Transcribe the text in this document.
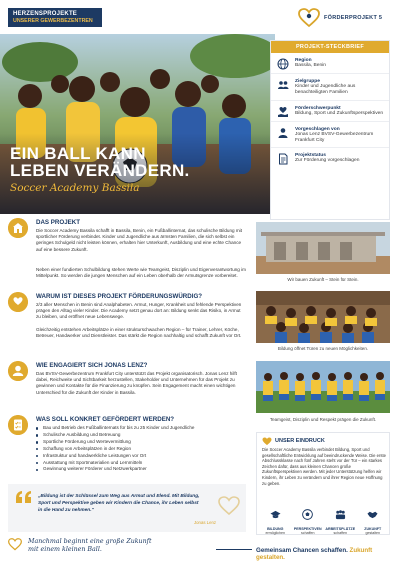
HERZENSPROJEKTE
UNSERER GEWERBEZENTREN	FÖRDERPROJEKT 5
EIN BALL KANN
LEBEN VERÄNDERN.
Soccer Academy Bassila
PROJEKT-STECKBRIEF
Region
Bassila, Benin
Zielgruppe
Kinder und Jugendliche aus benachteiligten Familien
Förderschwerpunkt
Bildung, Sport und Zukunftsperspektiven
Vorgeschlagen von
Jonas Lenz BVSV-Gewerbezentrum Frankfurt City
Projektstatus
Zur Förderung vorgeschlagen
DAS PROJEKT
Die Soccer Academy Bassila schafft in Bassila, Benin, ein Fußballinternat, das schulische Bildung mit sportlicher Förderung verbindet. Kinder und Jugendliche aus ärmsten Familien, die sich selbst ein geringes Schulgeld nicht leisten können, erhalten hier Unterkunft, Ausbildung und eine echte Chance auf eine bessere Zukunft.
Neben einer fundierten Schulbildung stehen Werte wie Teamgeist, Disziplin und Eigenverantwortung im Mittelpunkt. So werden die jungen Menschen auf ein Leben oberhalb der Armutsgrenze vorbereitet.
Wir bauen Zukunft – Stein für Stein.
WARUM IST DIESES PROJEKT FÖRDERUNGSWÜRDIG?
2/3 aller Menschen in Benin sind Analphabeten. Armut, Hunger, Krankheit und fehlende Perspektiven prägen den Alltag vieler Kinder. Die Academy setzt genau dort an: Bildung senkt das Risiko, in Armut zu bleiben, und eröffnet neue Lebenswege.
Gleichzeitig entstehen Arbeitsplätze in einer strukturschwachen Region – für Trainer, Lehrer, Köche, Betreuer, Handwerker und Dienstleister. Das stärkt die Region nachhaltig und schafft Zukunft vor Ort.
Bildung öffnet Türen zu neuen Möglichkeiten.
WIE ENGAGIERT SICH JONAS LENZ?
Das BVSV-Gewerbezentrum Frankfurt City unterstützt das Projekt organisatorisch. Jonas Lenz hilft dabei, Reichweite und Sichtbarkeit herzustellen, Stakeholder und Unternehmen für das Projekt zu gewinnen und Kontakte für die Finanzierung zu knüpfen. Sein Engagement macht einen wichtigen Unterschied für die Zukunft der Kinder in Bassila.
Teamgeist, Disziplin und Respekt prägen die Zukunft.
WAS SOLL KONKRET GEFÖRDERT WERDEN?
Bau und Betrieb des Fußballinternats für bis zu 25 Kinder und Jugendliche
Schulische Ausbildung und Betreuung
Sportliche Förderung und Wertevermittlung
Schaffung von Arbeitsplätzen in der Region
Infrastruktur und handwerkliche Leistungen vor Ort
Ausstattung mit Sportmaterialien und Lernmitteln
Gewinnung weiterer Förderer und Netzwerkpartner
„Bildung ist der Schlüssel zum Weg aus Armut und Elend. Mit Bildung, Sport und Perspektive geben wir Kindern die Chance, ihr Leben selbst in die Hand zu nehmen."
Jonas Lenz
UNSER EINDRUCK
Die Soccer Academy Bassila verbindet Bildung, Sport und gesellschaftliche Entwicklung auf beeindruckende Weise. Die erste Abschlussklasse nach fünf Jahren steht vor der Tür – ein starkes Zeichen dafür, dass aus kleinen Chancen große Zukunftsperspektiven werden. Mit jeder Unterstützung helfen wir Kindern, ihr Leben zu verändern und ihrer Region neue Hoffnung zu geben.
BILDUNG
ermöglichen
PERSPEKTIVEN
schaffen
ARBEITSPLÄTZE
schaffen
ZUKUNFT
gestalten
Manchmal beginnt eine große Zukunft
mit einem kleinen Ball.	Gemeinsam Chancen schaffen. Zukunft gestalten.
